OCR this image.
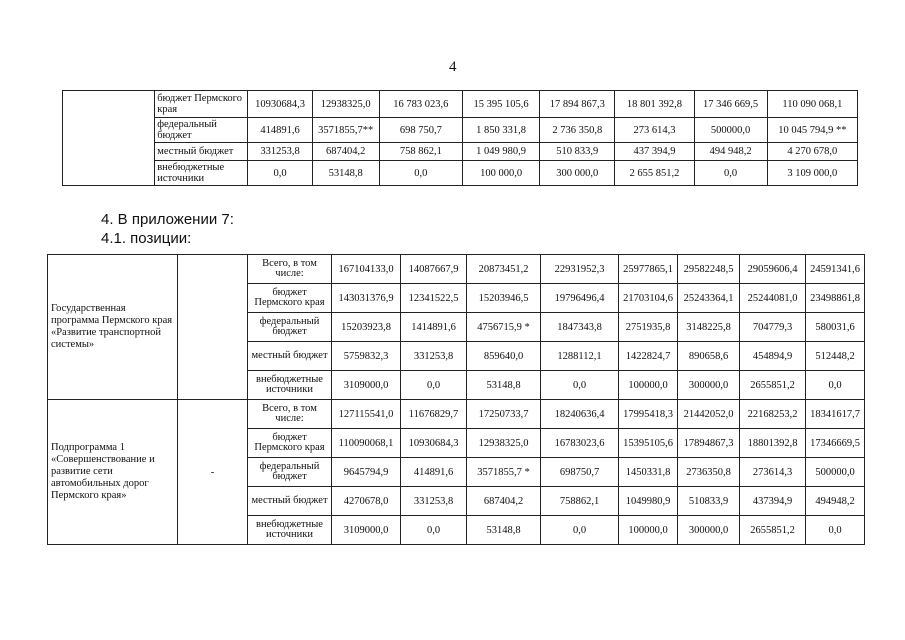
4
	бюджет Пермского края	10930684,3	12938325,0	16 783 023,6	15 395 105,6	17 894 867,3	18 801 392,8	17 346 669,5	110 090 068,1
	федеральный бюджет	414891,6	3571855,7**	698 750,7	1 850 331,8	2 736 350,8	273 614,3	500000,0	10 045 794,9 **
	местный бюджет	331253,8	687404,2	758 862,1	1 049 980,9	510 833,9	437 394,9	494 948,2	4 270 678,0
	внебюджетные источники	0,0	53148,8	0,0	100 000,0	300 000,0	2 655 851,2	0,0	3 109 000,0
4. В приложении 7:
4.1. позиции:
Государственная программа Пермского края «Развитие транспортной системы»		Всего, в том числе:	167104133,0	14087667,9	20873451,2	22931952,3	25977865,1	29582248,5	29059606,4	24591341,6
		бюджет Пермского края	143031376,9	12341522,5	15203946,5	19796496,4	21703104,6	25243364,1	25244081,0	23498861,8
		федеральный бюджет	15203923,8	1414891,6	4756715,9 *	1847343,8	2751935,8	3148225,8	704779,3	580031,6
		местный бюджет	5759832,3	331253,8	859640,0	1288112,1	1422824,7	890658,6	454894,9	512448,2
		внебюджетные источники	3109000,0	0,0	53148,8	0,0	100000,0	300000,0	2655851,2	0,0
Подпрограмма 1 «Совершенствование и развитие сети автомобильных дорог Пермского края»	-	Всего, в том числе:	127115541,0	11676829,7	17250733,7	18240636,4	17995418,3	21442052,0	22168253,2	18341617,7
		бюджет Пермского края	110090068,1	10930684,3	12938325,0	16783023,6	15395105,6	17894867,3	18801392,8	17346669,5
		федеральный бюджет	9645794,9	414891,6	3571855,7 *	698750,7	1450331,8	2736350,8	273614,3	500000,0
		местный бюджет	4270678,0	331253,8	687404,2	758862,1	1049980,9	510833,9	437394,9	494948,2
		внебюджетные источники	3109000,0	0,0	53148,8	0,0	100000,0	300000,0	2655851,2	0,0
